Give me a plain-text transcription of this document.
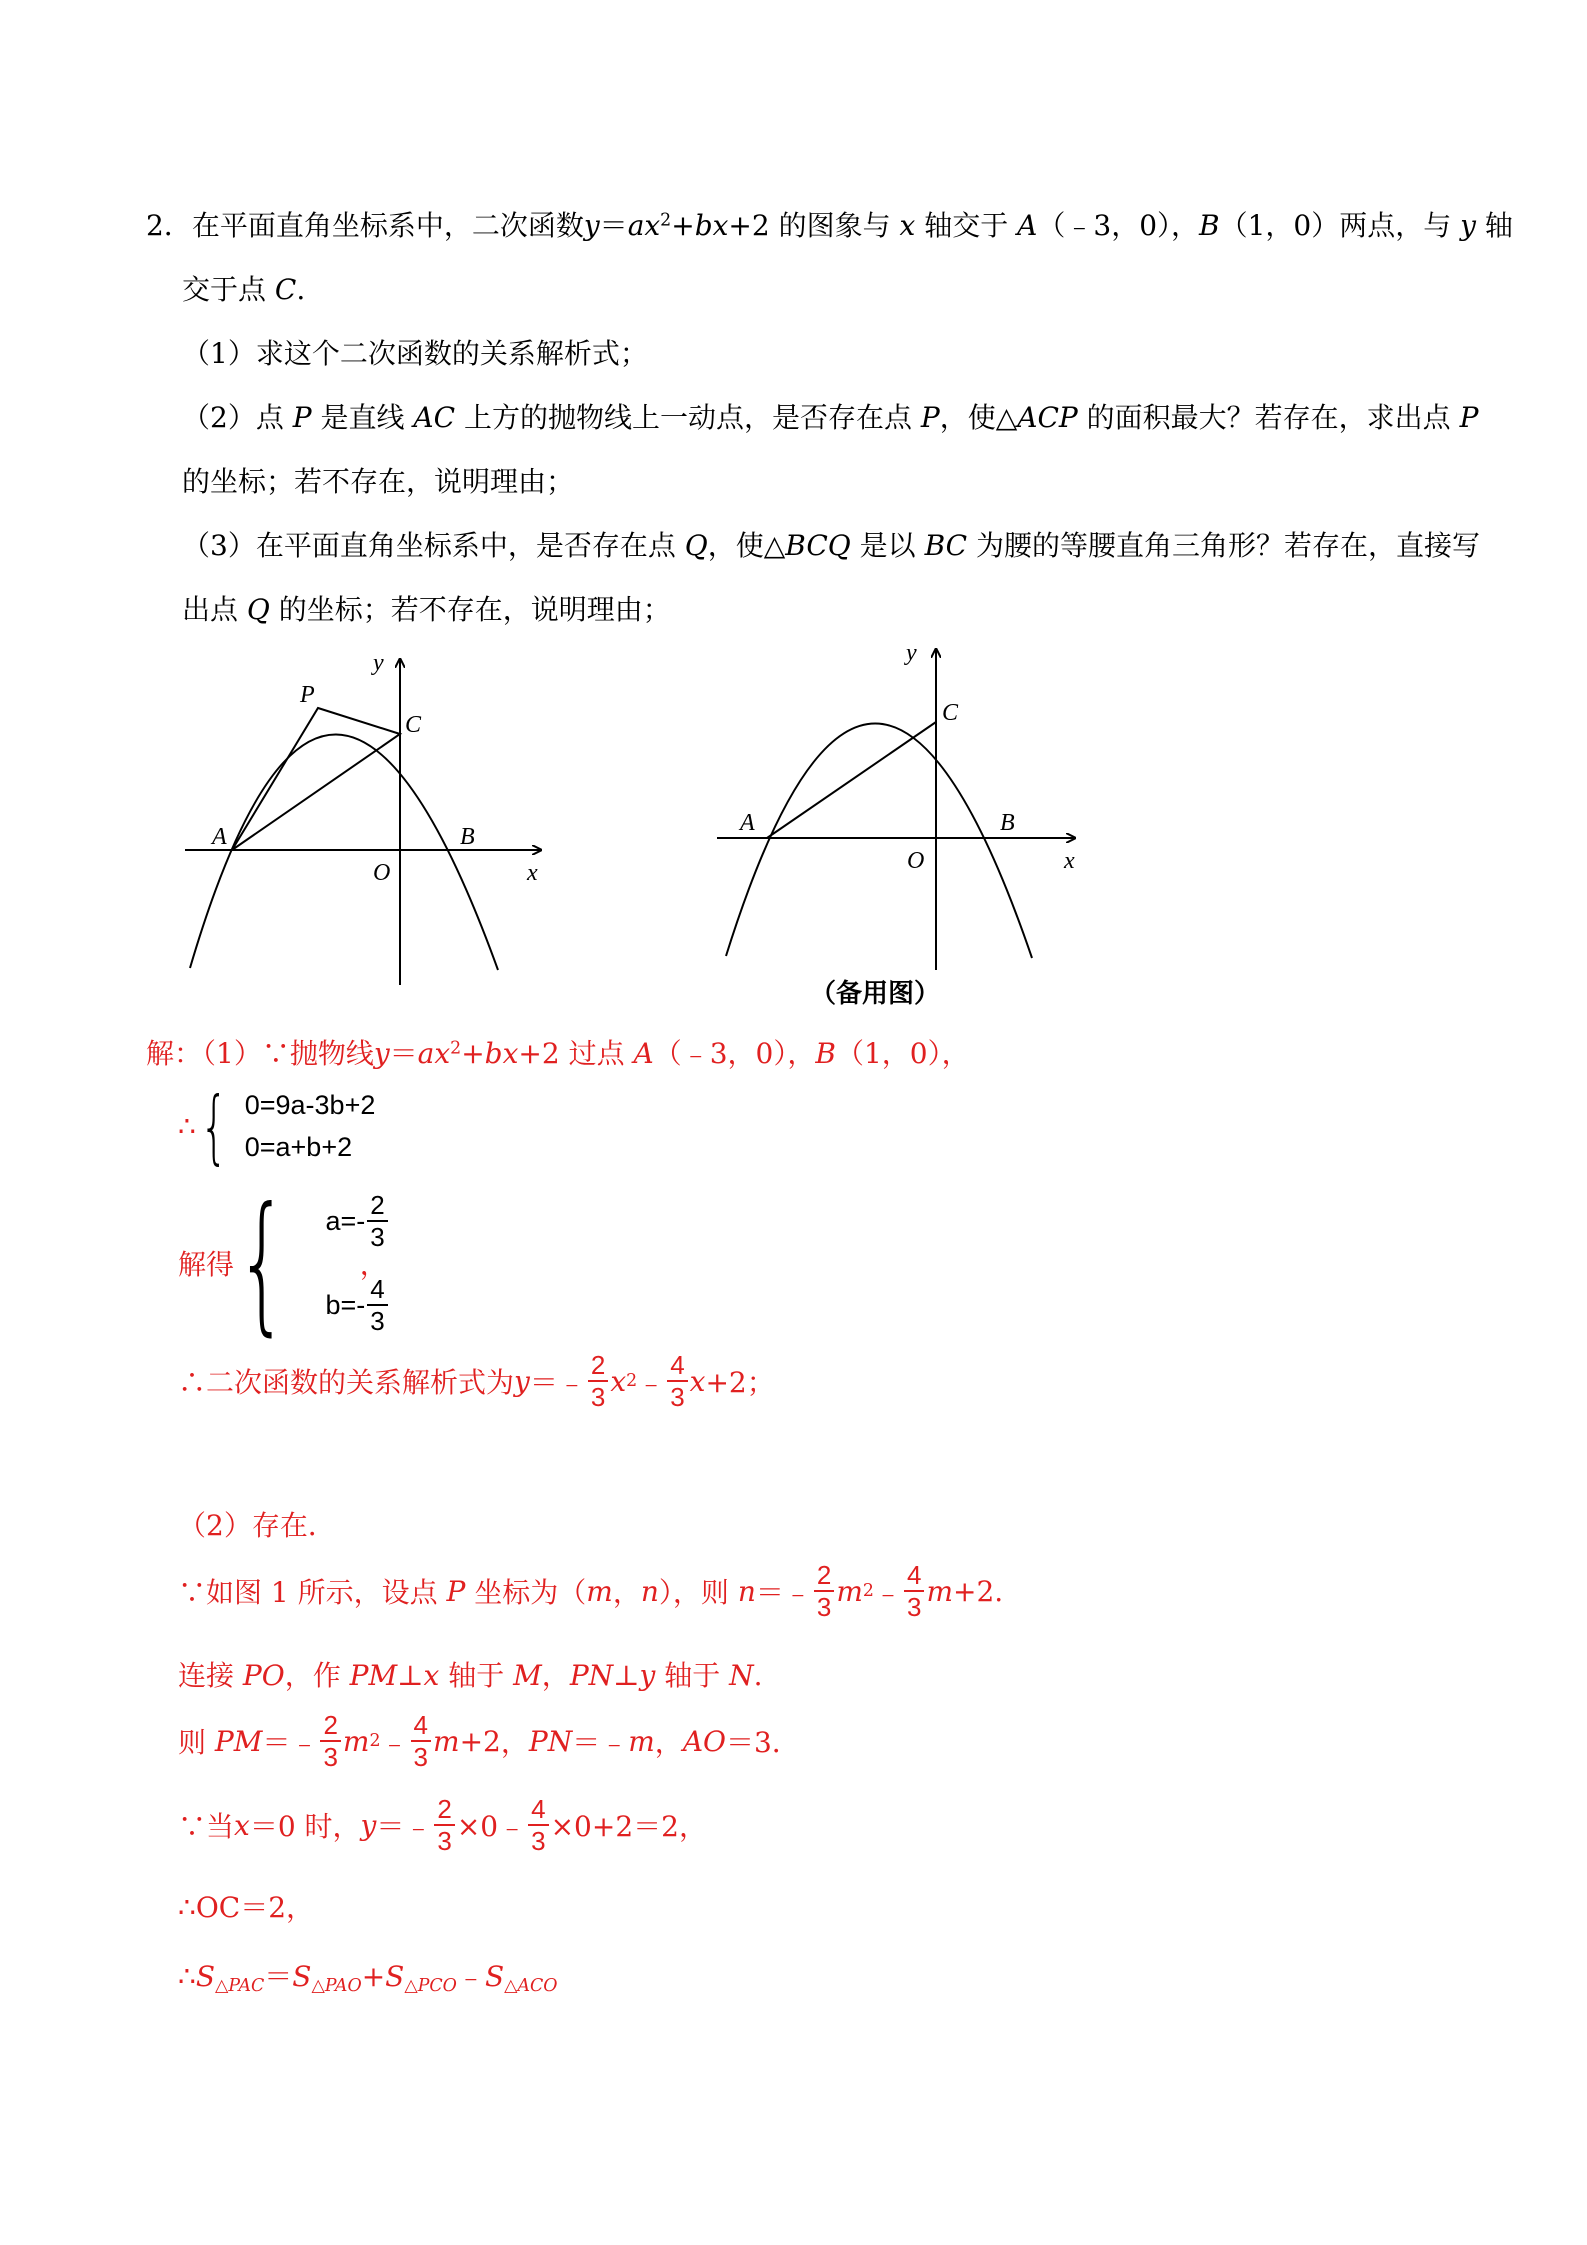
2．在平面直角坐标系中，二次函数$y=ax^2+bx+2$ 的图象与 x 轴交于 A（﹣3，0），B（1，0）两点，与 y 轴
交于点 C.
（1）求这个二次函数的关系解析式；
（2）点 P 是直线 AC 上方的抛物线上一动点，是否存在点 P，使△ACP 的面积最大？若存在，求出点 P
的坐标；若不存在，说明理由；
（3）在平面直角坐标系中，是否存在点 Q，使△BCQ 是以 BC 为腰的等腰直角三角形？若存在，直接写
出点 Q 的坐标；若不存在，说明理由；
y
P
C
A	B
O	x
y
C
A	B
O	x
（备用图）
解：（1）∵抛物线$y=ax^2+bx+2$ 过点 A（﹣3，0），B（1，0），
∴ { 0=9a‑3b+2
0=a+b+2
解得 { a=‑ $\frac{2}{3}$
b=‑ $\frac{4}{3}$
，
∴二次函数的关系解析式为 y ＝﹣ $\frac{2}{3}$ x 2 ﹣ $\frac{4}{3}$ x +2；
（2）存在．
∵如图 1 所示，设点 P 坐标为（ m ， n ），则 n ＝﹣ $\frac{2}{3}$ m 2 ﹣ $\frac{4}{3}$ m +2.
连接 PO，作 PM⊥x 轴于 M，PN⊥y 轴于 N.
则 PM ＝﹣ $\frac{2}{3}$ m 2 ﹣ $\frac{4}{3}$ m +2 ， PN ＝﹣ m ， AO ＝3．
∵当 x ＝0 时， y ＝﹣ $\frac{2}{3}$ ×0﹣ $\frac{4}{3} \times 0+2=2$，
∴OC＝2，
$\therefore S_{\triangle PAC}=S_{\triangle PAO}+S_{\triangle PCO}﹣S_{\triangle ACO}$
